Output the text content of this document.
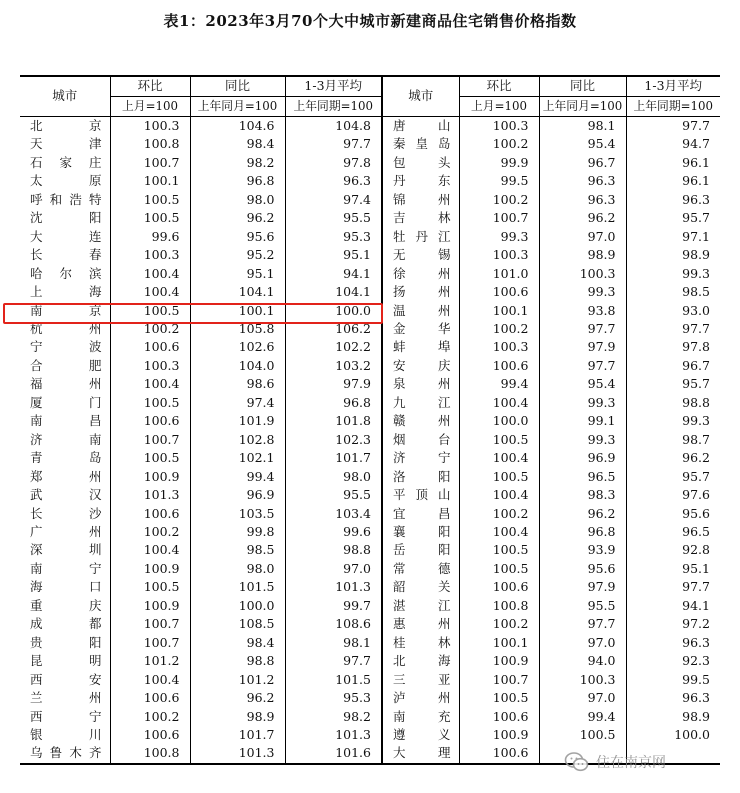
表1：2023年3月70个大中城市新建商品住宅销售价格指数
城市	环比	同比	1-3月平均	城市	环比	同比	1-3月平均
	上月=100	上年同月=100	上年同期=100		上月=100	上年同月=100	上年同期=100
北　　京	100.3	104.6	104.8	唐　　山	100.3	98.1	97.7
天　　津	100.8	98.4	97.7	秦皇岛	100.2	95.4	94.7
石家庄	100.7	98.2	97.8	包　　头	99.9	96.7	96.1
太　　原	100.1	96.8	96.3	丹　　东	99.5	96.3	96.1
呼和浩特	100.5	98.0	97.4	锦　　州	100.2	96.3	96.3
沈　　阳	100.5	96.2	95.5	吉　　林	100.7	96.2	95.7
大　　连	99.6	95.6	95.3	牡丹江	99.3	97.0	97.1
长　　春	100.3	95.2	95.1	无　　锡	100.3	98.9	98.9
哈尔滨	100.4	95.1	94.1	徐　　州	101.0	100.3	99.3
上　　海	100.4	104.1	104.1	扬　　州	100.6	99.3	98.5
南　　京	100.5	100.1	100.0	温　　州	100.1	93.8	93.0
杭　　州	100.2	105.8	106.2	金　　华	100.2	97.7	97.7
宁　　波	100.6	102.6	102.2	蚌　　埠	100.3	97.9	97.8
合　　肥	100.3	104.0	103.2	安　　庆	100.6	97.7	96.7
福　　州	100.4	98.6	97.9	泉　　州	99.4	95.4	95.7
厦　　门	100.5	97.4	96.8	九　　江	100.4	99.3	98.8
南　　昌	100.6	101.9	101.8	赣　　州	100.0	99.1	99.3
济　　南	100.7	102.8	102.3	烟　　台	100.5	99.3	98.7
青　　岛	100.5	102.1	101.7	济　　宁	100.4	96.9	96.2
郑　　州	100.9	99.4	98.0	洛　　阳	100.5	96.5	95.7
武　　汉	101.3	96.9	95.5	平顶山	100.4	98.3	97.6
长　　沙	100.6	103.5	103.4	宜　　昌	100.2	96.2	95.6
广　　州	100.2	99.8	99.6	襄　　阳	100.4	96.8	96.5
深　　圳	100.4	98.5	98.8	岳　　阳	100.5	93.9	92.8
南　　宁	100.9	98.0	97.0	常　　德	100.5	95.6	95.1
海　　口	100.5	101.5	101.3	韶　　关	100.6	97.9	97.7
重　　庆	100.9	100.0	99.7	湛　　江	100.8	95.5	94.1
成　　都	100.7	108.5	108.6	惠　　州	100.2	97.7	97.2
贵　　阳	100.7	98.4	98.1	桂　　林	100.1	97.0	96.3
昆　　明	101.2	98.8	97.7	北　　海	100.9	94.0	92.3
西　　安	100.4	101.2	101.5	三　　亚	100.7	100.3	99.5
兰　　州	100.6	96.2	95.3	泸　　州	100.5	97.0	96.3
西　　宁	100.2	98.9	98.2	南　　充	100.6	99.4	98.9
银　　川	100.6	101.7	101.3	遵　　义	100.9	100.5	100.0
乌鲁木齐	100.8	101.3	101.6	大　　理	100.6		
住在南京网
